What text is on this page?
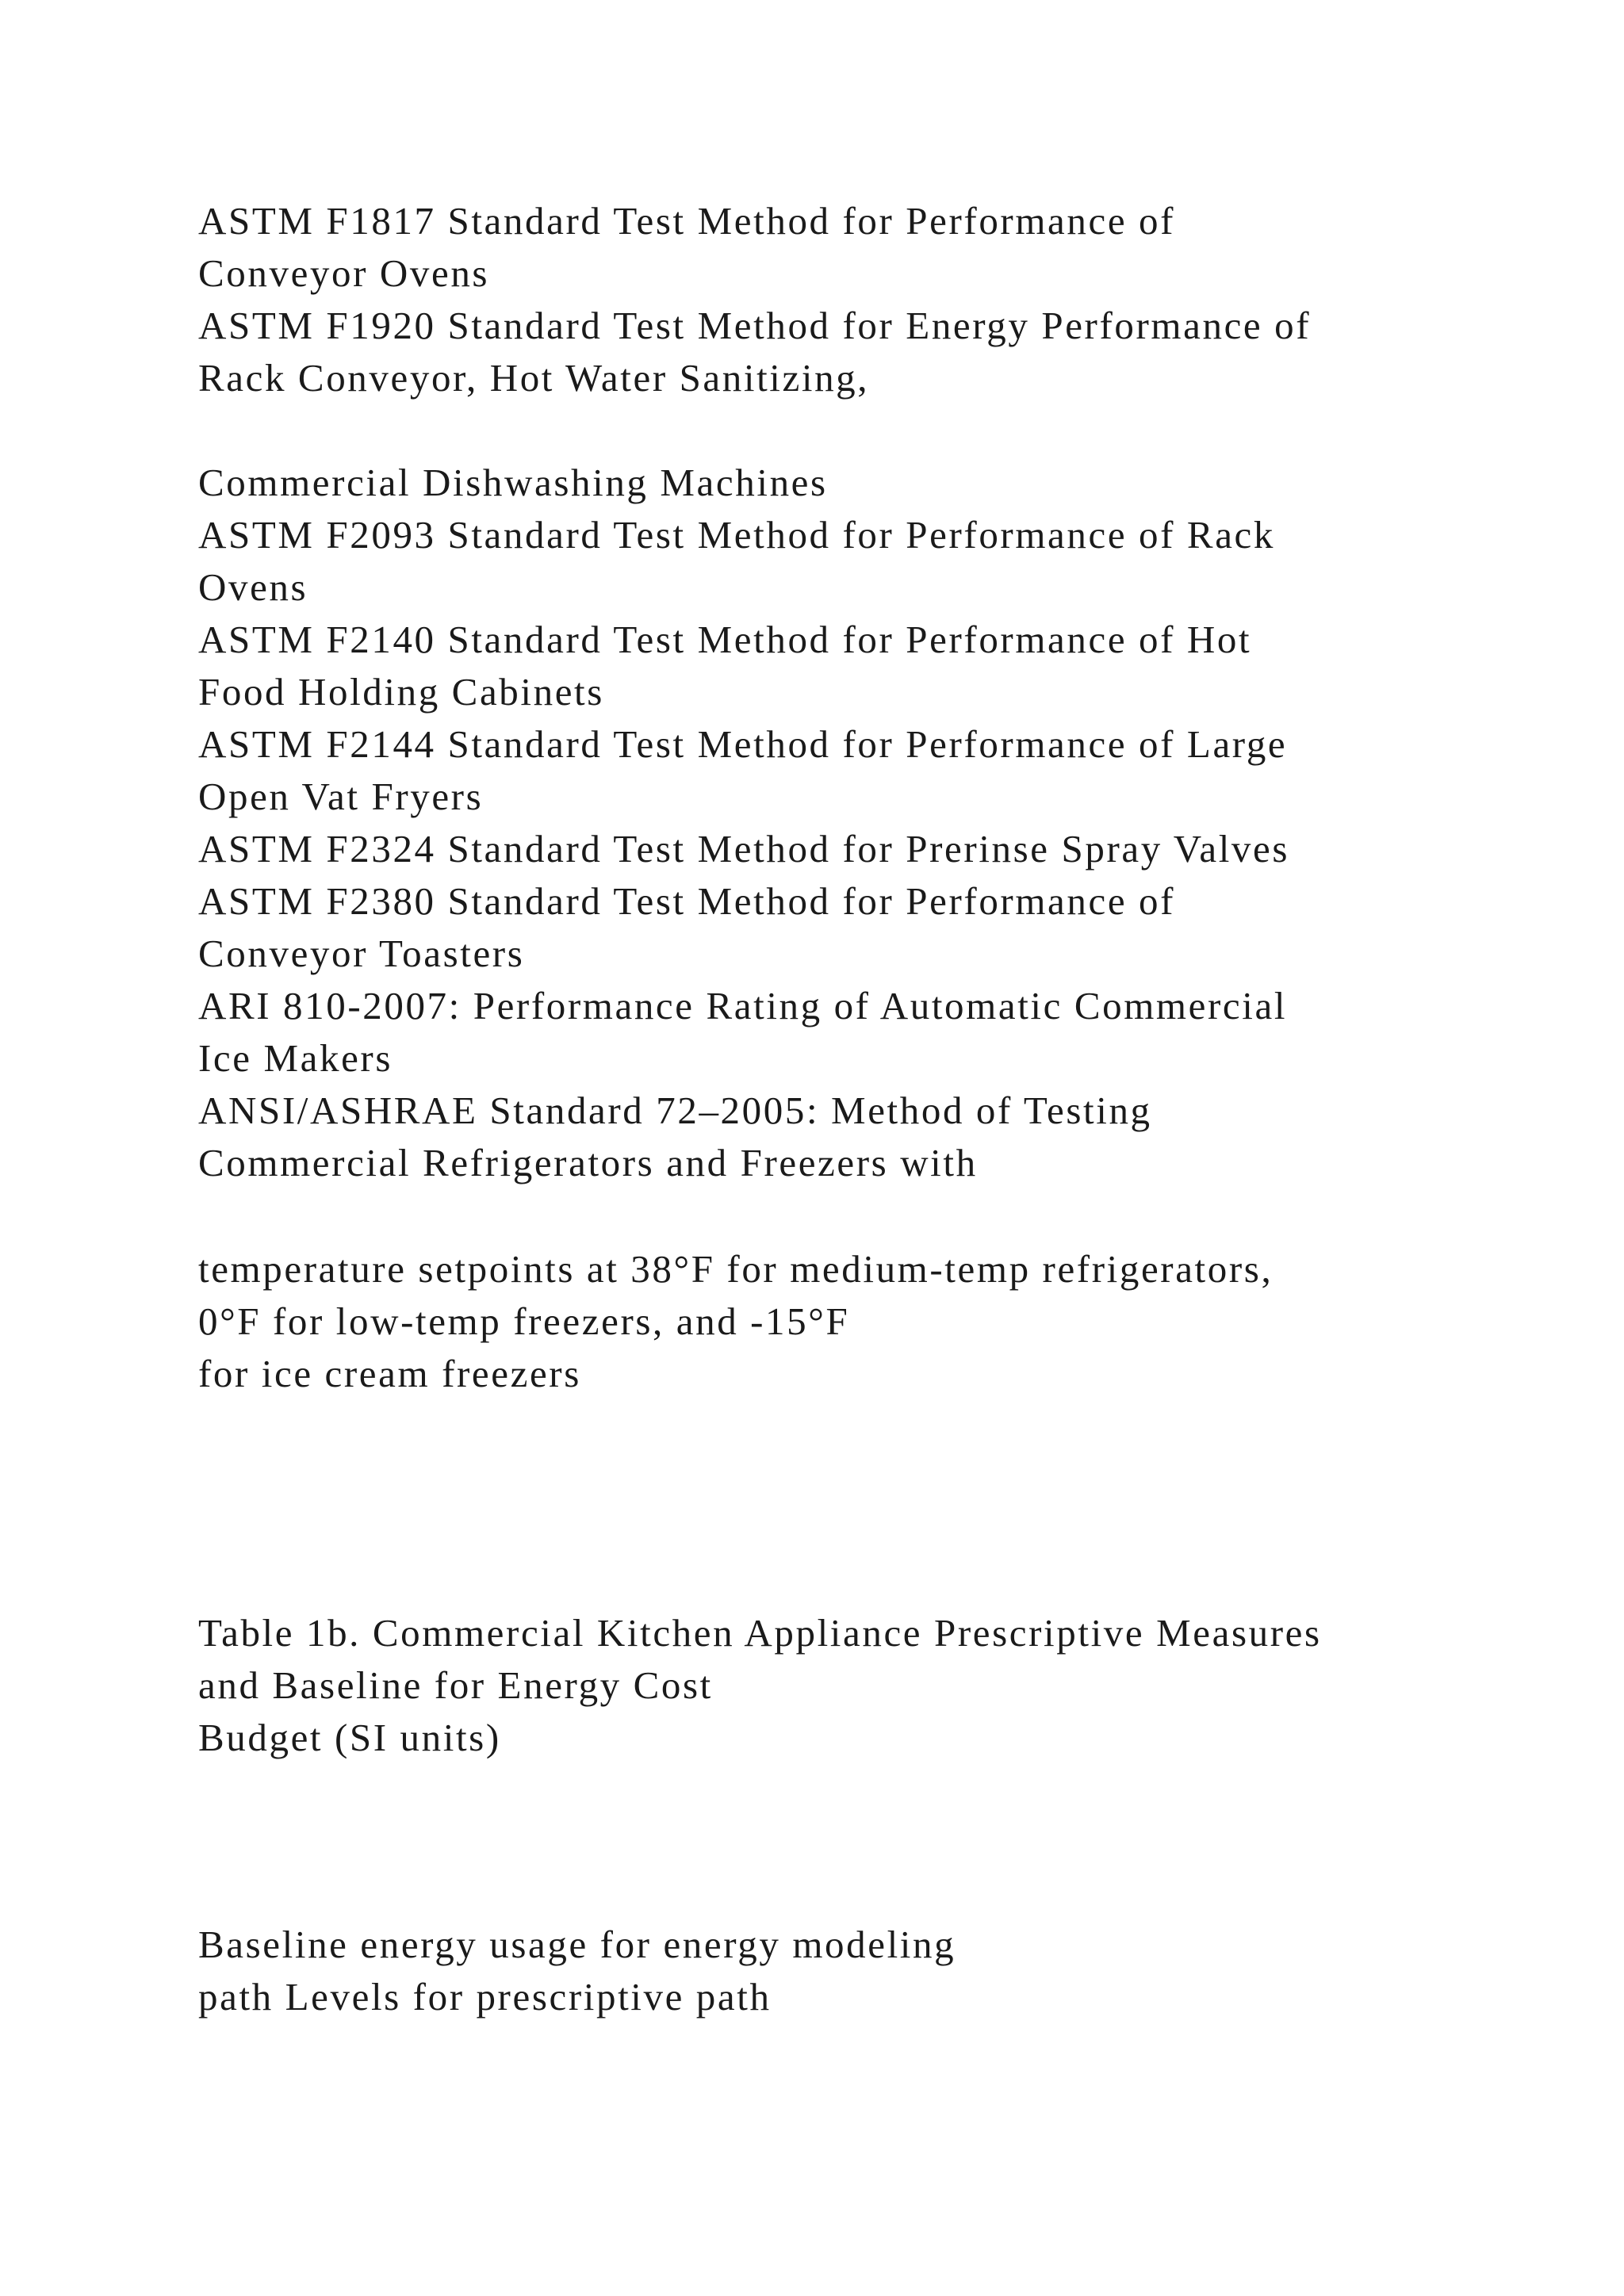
ASTM F1817 Standard Test Method for Performance of
Conveyor Ovens
ASTM F1920 Standard Test Method for Energy Performance of
Rack Conveyor, Hot Water Sanitizing,

Commercial Dishwashing Machines
ASTM F2093 Standard Test Method for Performance of Rack
Ovens
ASTM F2140 Standard Test Method for Performance of Hot
Food Holding Cabinets
ASTM F2144 Standard Test Method for Performance of Large
Open Vat Fryers
ASTM F2324 Standard Test Method for Prerinse Spray Valves
ASTM F2380 Standard Test Method for Performance of
Conveyor Toasters
ARI 810-2007: Performance Rating of Automatic Commercial
Ice Makers
ANSI/ASHRAE Standard 72–2005: Method of Testing
Commercial Refrigerators and Freezers with

temperature setpoints at 38°F for medium-temp refrigerators,
0°F for low-temp freezers, and -15°F
for ice cream freezers

Table 1b. Commercial Kitchen Appliance Prescriptive Measures
and Baseline for Energy Cost
Budget (SI units)

Baseline energy usage for energy modeling
path Levels for prescriptive path
